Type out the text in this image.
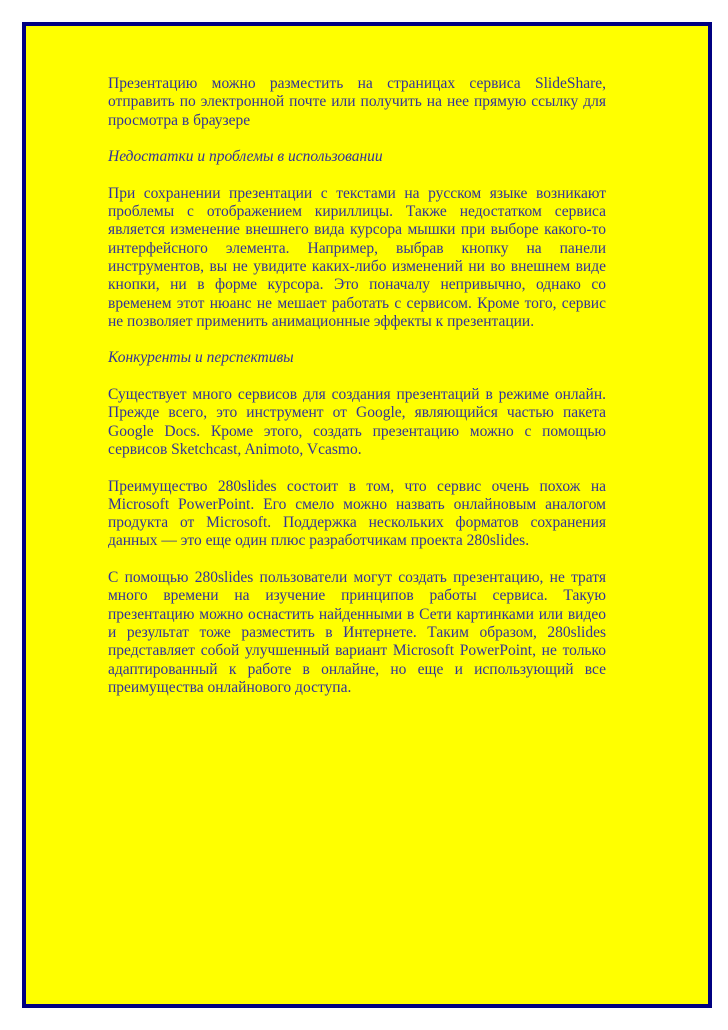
Презентацию можно разместить на страницах сервиса SlideShare, отправить по электронной почте или получить на нее прямую ссылку для просмотра в браузере

Недостатки и проблемы в использовании

При сохранении презентации с текстами на русском языке возникают проблемы с отображением кириллицы. Также недостатком сервиса является изменение внешнего вида курсора мышки при выборе какого-то интерфейсного элемента. Например, выбрав кнопку на панели инструментов, вы не увидите каких-либо изменений ни во внешнем виде кнопки, ни в форме курсора. Это поначалу непривычно, однако со временем этот нюанс не мешает работать с сервисом. Кроме того, сервис не позволяет применить анимационные эффекты к презентации.

Конкуренты и перспективы

Существует много сервисов для создания презентаций в режиме онлайн. Прежде всего, это инструмент от Google, являющийся частью пакета Google Docs. Кроме этого, создать презентацию можно с помощью сервисов Sketchcast, Animoto, Vcasmo.

Преимущество 280slides состоит в том, что сервис очень похож на Microsoft PowerPoint. Его смело можно назвать онлайновым аналогом продукта от Microsoft. Поддержка нескольких форматов сохранения данных — это еще один плюс разработчикам проекта 280slides.

С помощью 280slides пользователи могут создать презентацию, не тратя много времени на изучение принципов работы сервиса. Такую презентацию можно оснастить найденными в Сети картинками или видео и результат тоже разместить в Интернете. Таким образом, 280slides представляет собой улучшенный вариант Microsoft PowerPoint, не только адаптированный к работе в онлайне, но еще и использующий все преимущества онлайнового доступа.
